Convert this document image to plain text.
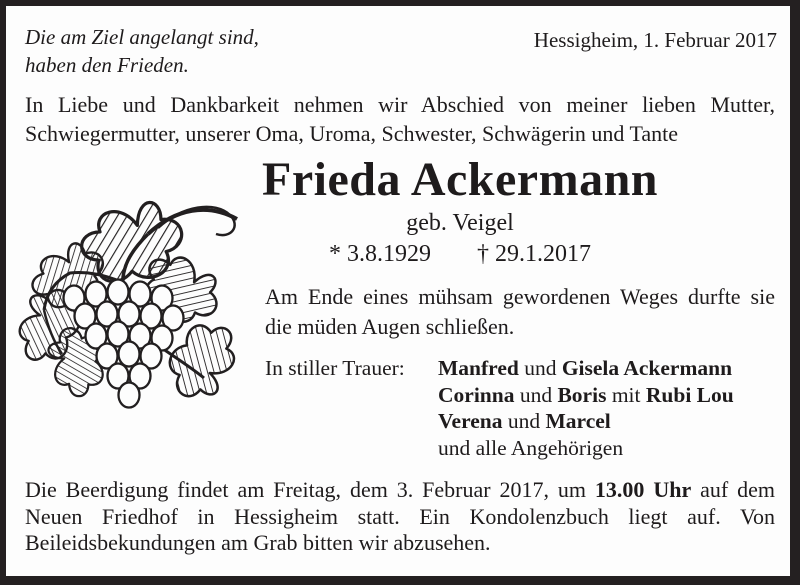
Die am Ziel angelangt sind,
haben den Frieden.
Hessigheim, 1. Februar 2017
In Liebe und Dankbarkeit nehmen wir Abschied von meiner lieben Mutter, Schwiegermutter, unserer Oma, Uroma, Schwester, Schwägerin und Tante
Frieda Ackermann
geb. Veigel
* 3.8.1929 † 29.1.2017
Am Ende eines mühsam gewordenen Weges durfte sie die müden Augen schließen.
In stiller Trauer:	Manfred und Gisela Ackermann
Corinna und Boris mit Rubi Lou
Verena und Marcel
und alle Angehörigen
Die Beerdigung findet am Freitag, dem 3. Februar 2017, um 13.00 Uhr auf dem Neuen Friedhof in Hessigheim statt. Ein Kondolenzbuch liegt auf. Von Beileidsbekundungen am Grab bitten wir abzusehen.
